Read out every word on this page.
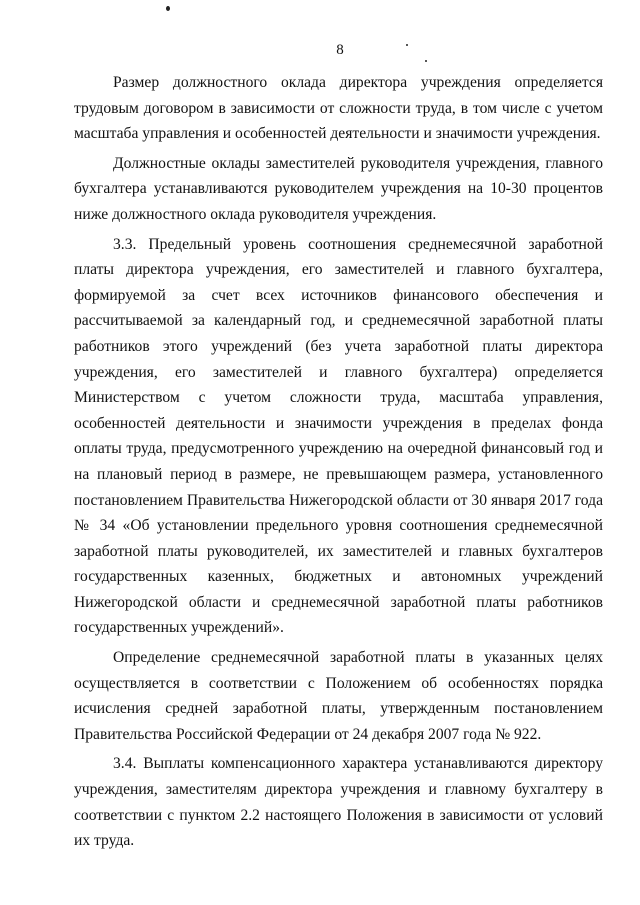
8

Размер должностного оклада директора учреждения определяется трудовым договором в зависимости от сложности труда, в том числе с учетом масштаба управления и особенностей деятельности и значимости учреждения.

Должностные оклады заместителей руководителя учреждения, главного бухгалтера устанавливаются руководителем учреждения на 10-30 процентов ниже должностного оклада руководителя учреждения.

3.3. Предельный уровень соотношения среднемесячной заработной платы директора учреждения, его заместителей и главного бухгалтера, формируемой за счет всех источников финансового обеспечения и рассчитываемой за календарный год, и среднемесячной заработной платы работников этого учреждений (без учета заработной платы директора учреждения, его заместителей и главного бухгалтера) определяется Министерством с учетом сложности труда, масштаба управления, особенностей деятельности и значимости учреждения в пределах фонда оплаты труда, предусмотренного учреждению на очередной финансовый год и на плановый период в размере, не превышающем размера, установленного постановлением Правительства Нижегородской области от 30 января 2017 года № 34 «Об установлении предельного уровня соотношения среднемесячной заработной платы руководителей, их заместителей и главных бухгалтеров государственных казенных, бюджетных и автономных учреждений Нижегородской области и среднемесячной заработной платы работников государственных учреждений».

Определение среднемесячной заработной платы в указанных целях осуществляется в соответствии с Положением об особенностях порядка исчисления средней заработной платы, утвержденным постановлением Правительства Российской Федерации от 24 декабря 2007 года № 922.

3.4. Выплаты компенсационного характера устанавливаются директору учреждения, заместителям директора учреждения и главному бухгалтеру в соответствии с пунктом 2.2 настоящего Положения в зависимости от условий их труда.
